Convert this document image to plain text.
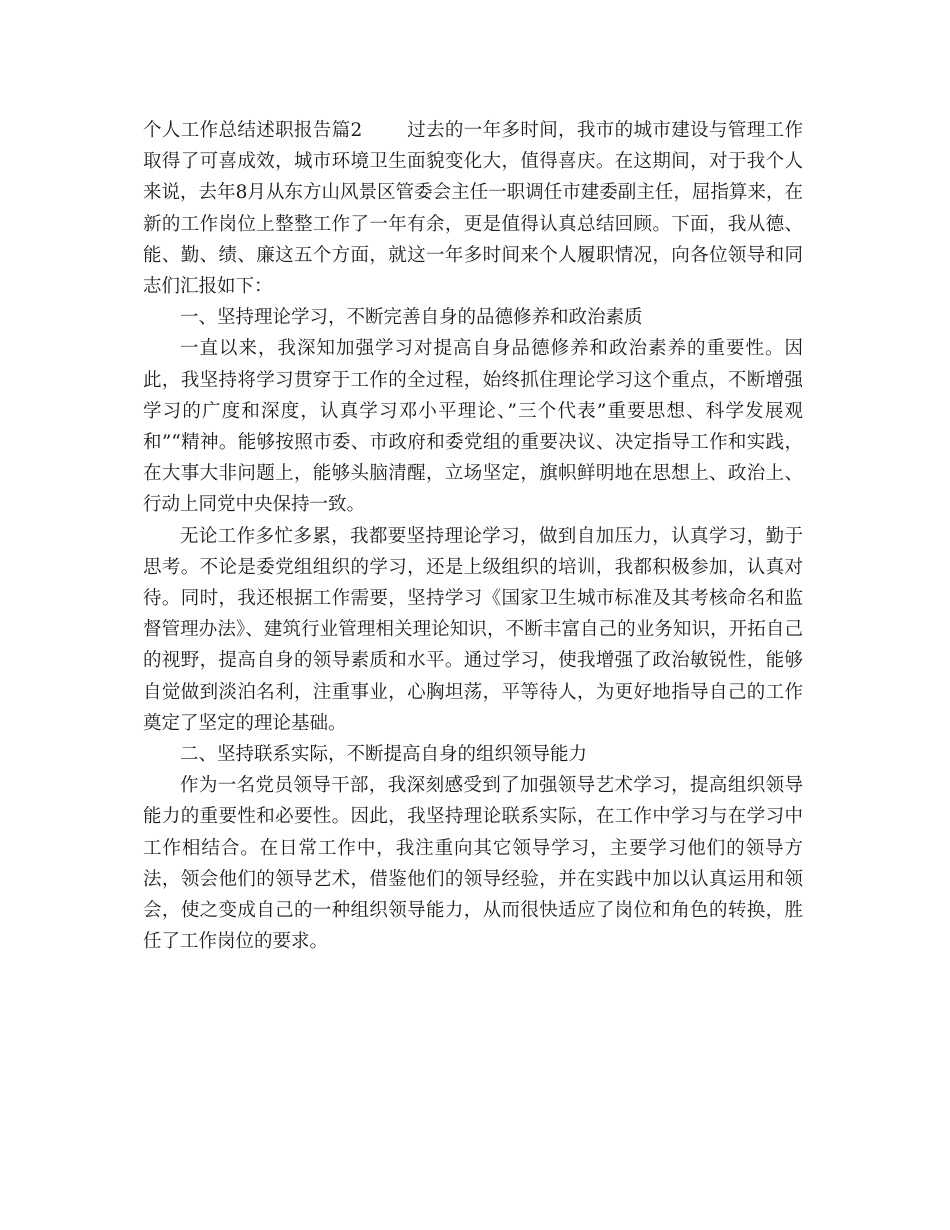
个人工作总结述职报告篇2 过去的一年多时间，我市的城市建设与管理工作取得了可喜成效，城市环境卫生面貌变化大，值得喜庆。在这期间，对于我个人来说，去年8月从东方山风景区管委会主任一职调任市建委副主任，屈指算来，在新的工作岗位上整整工作了一年有余，更是值得认真总结回顾。下面，我从德、能、勤、绩、廉这五个方面，就这一年多时间来个人履职情况，向各位领导和同志们汇报如下：

一、坚持理论学习，不断完善自身的品德修养和政治素质

一直以来，我深知加强学习对提高自身品德修养和政治素养的重要性。因此，我坚持将学习贯穿于工作的全过程，始终抓住理论学习这个重点，不断增强学习的广度和深度，认真学习邓小平理论、”三个代表”重要思想、科学发展观和”“精神。能够按照市委、市政府和委党组的重要决议、决定指导工作和实践，在大事大非问题上，能够头脑清醒，立场坚定，旗帜鲜明地在思想上、政治上、行动上同党中央保持一致。

无论工作多忙多累，我都要坚持理论学习，做到自加压力，认真学习，勤于思考。不论是委党组组织的学习，还是上级组织的培训，我都积极参加，认真对待。同时，我还根据工作需要，坚持学习《国家卫生城市标准及其考核命名和监督管理办法》、建筑行业管理相关理论知识，不断丰富自己的业务知识，开拓自己的视野，提高自身的领导素质和水平。通过学习，使我增强了政治敏锐性，能够自觉做到淡泊名利，注重事业，心胸坦荡，平等待人，为更好地指导自己的工作奠定了坚定的理论基础。

二、坚持联系实际，不断提高自身的组织领导能力

作为一名党员领导干部，我深刻感受到了加强领导艺术学习，提高组织领导能力的重要性和必要性。因此，我坚持理论联系实际，在工作中学习与在学习中工作相结合。在日常工作中，我注重向其它领导学习，主要学习他们的领导方法，领会他们的领导艺术，借鉴他们的领导经验，并在实践中加以认真运用和领会，使之变成自己的一种组织领导能力，从而很快适应了岗位和角色的转换，胜任了工作岗位的要求。
